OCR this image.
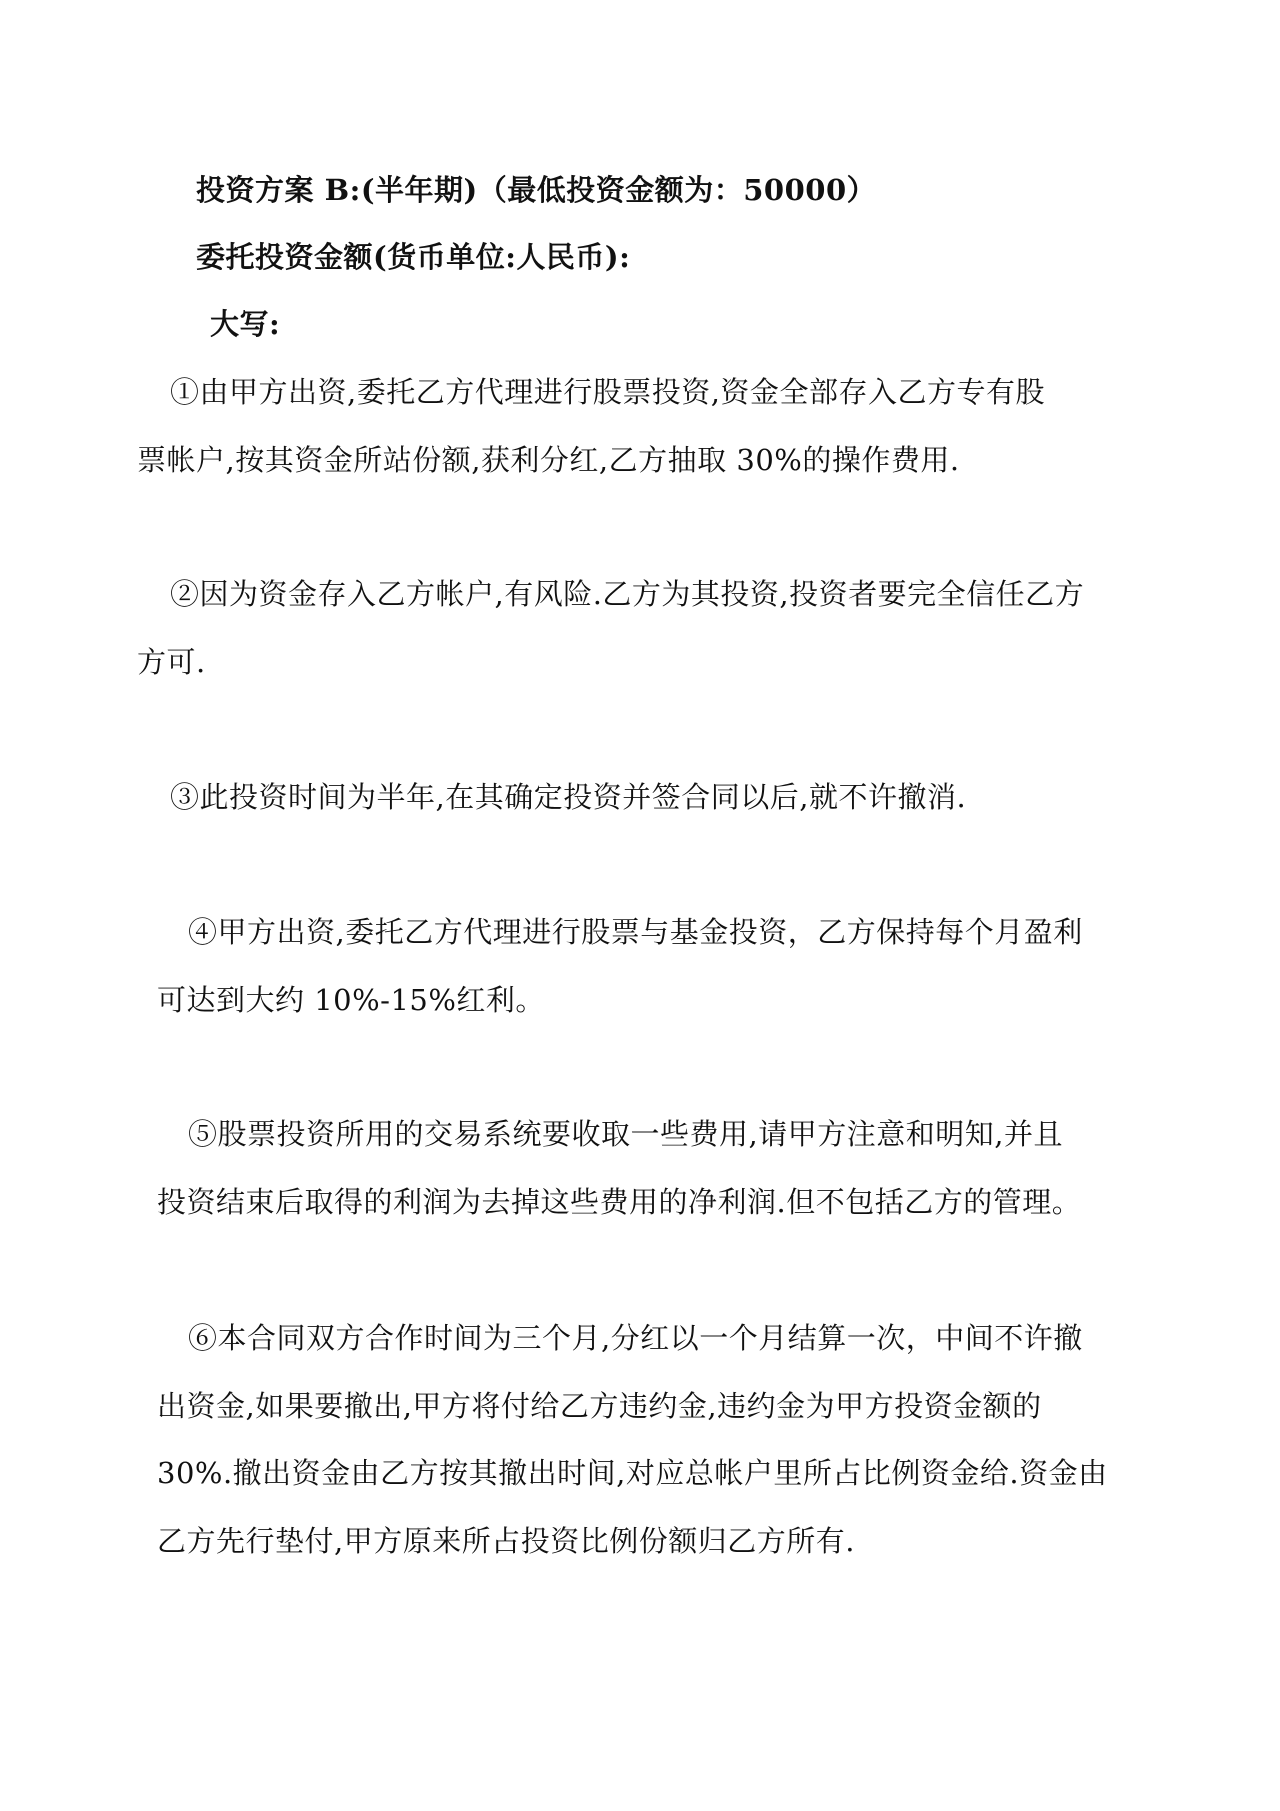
投资方案 B:(半年期)（最低投资金额为：50000）
委托投资金额(货币单位:人民币):
大写:
①由甲方出资,委托乙方代理进行股票投资,资金全部存入乙方专有股
票帐户,按其资金所站份额,获利分红,乙方抽取 30%的操作费用.
②因为资金存入乙方帐户,有风险.乙方为其投资,投资者要完全信任乙方
方可.
③此投资时间为半年,在其确定投资并签合同以后,就不许撤消.
④甲方出资,委托乙方代理进行股票与基金投资，乙方保持每个月盈利
可达到大约 10%-15%红利。
⑤股票投资所用的交易系统要收取一些费用,请甲方注意和明知,并且
投资结束后取得的利润为去掉这些费用的净利润.但不包括乙方的管理。
⑥本合同双方合作时间为三个月,分红以一个月结算一次，中间不许撤
出资金,如果要撤出,甲方将付给乙方违约金,违约金为甲方投资金额的
30%.撤出资金由乙方按其撤出时间,对应总帐户里所占比例资金给.资金由
乙方先行垫付,甲方原来所占投资比例份额归乙方所有.
